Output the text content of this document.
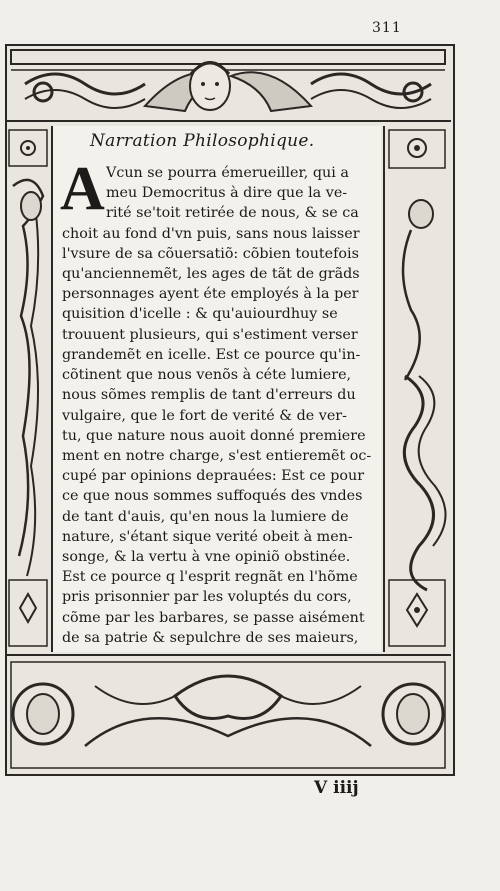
311
Narration Philosophique.
A Vcun se pourra émerueiller, qui a
meu Democritus à dire que la ve-
rité se'toit retirée de nous, & se ca
choit au fond d'vn puis, sans nous laisser
l'vsure de sa cõuersatiõ: cõbien toutefois
qu'anciennemẽt, les ages de tãt de grãds
personnages ayent éte employés à la per
quisition d'icelle : & qu'auiourdhuy se
trouuent plusieurs, qui s'estiment verser
grandemẽt en icelle. Est ce pource qu'in-
cõtinent que nous venõs à céte lumiere,
nous sõmes remplis de tant d'erreurs du
vulgaire, que le fort de verité & de ver-
tu, que nature nous auoit donné premiere
ment en notre charge, s'est entieremẽt oc-
cupé par opinions deprauées: Est ce pour
ce que nous sommes suffoqués des vndes
de tant d'auis, qu'en nous la lumiere de
nature, s'étant sique verité obeit à men-
songe, & la vertu à vne opiniõ obstinée.
Est ce pource q l'esprit regnãt en l'hõme
pris prisonnier par les voluptés du cors,
cõme par les barbares, se passe aisément
de sa patrie & sepulchre de ses maieurs,
V iiij
